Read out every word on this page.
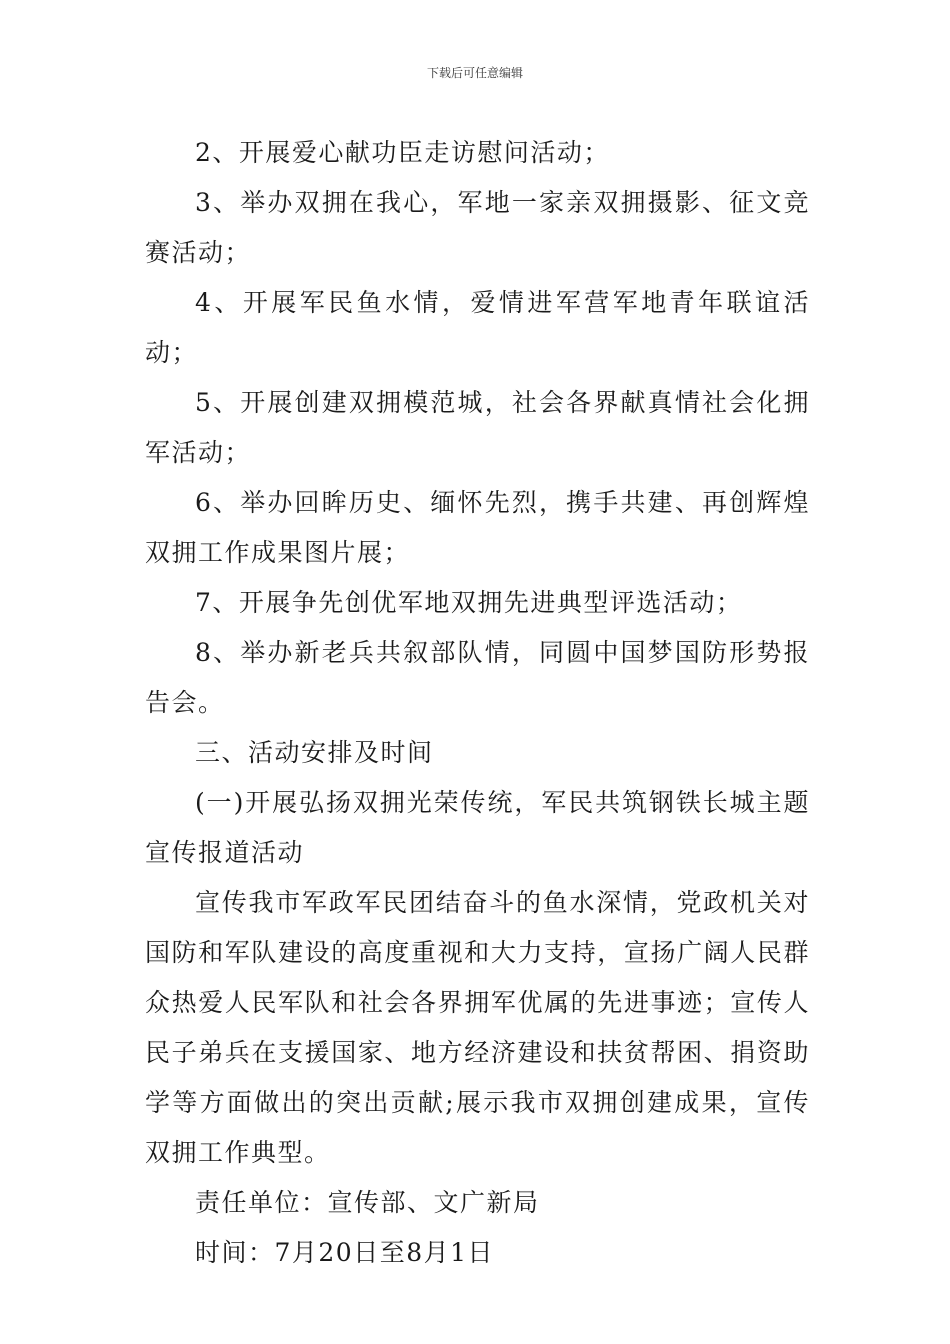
下载后可任意编辑

2、开展爱心献功臣走访慰问活动；

3、举办双拥在我心，军地一家亲双拥摄影、征文竞赛活动；

4、开展军民鱼水情，爱情进军营军地青年联谊活动；

5、开展创建双拥模范城，社会各界献真情社会化拥军活动；

6、举办回眸历史、缅怀先烈，携手共建、再创辉煌双拥工作成果图片展；

7、开展争先创优军地双拥先进典型评选活动；

8、举办新老兵共叙部队情，同圆中国梦国防形势报告会。

三、活动安排及时间

(一)开展弘扬双拥光荣传统，军民共筑钢铁长城主题宣传报道活动

宣传我市军政军民团结奋斗的鱼水深情，党政机关对国防和军队建设的高度重视和大力支持，宣扬广阔人民群众热爱人民军队和社会各界拥军优属的先进事迹；宣传人民子弟兵在支援国家、地方经济建设和扶贫帮困、捐资助学等方面做出的突出贡献;展示我市双拥创建成果，宣传双拥工作典型。

责任单位：宣传部、文广新局

时间：7月20日至8月1日
